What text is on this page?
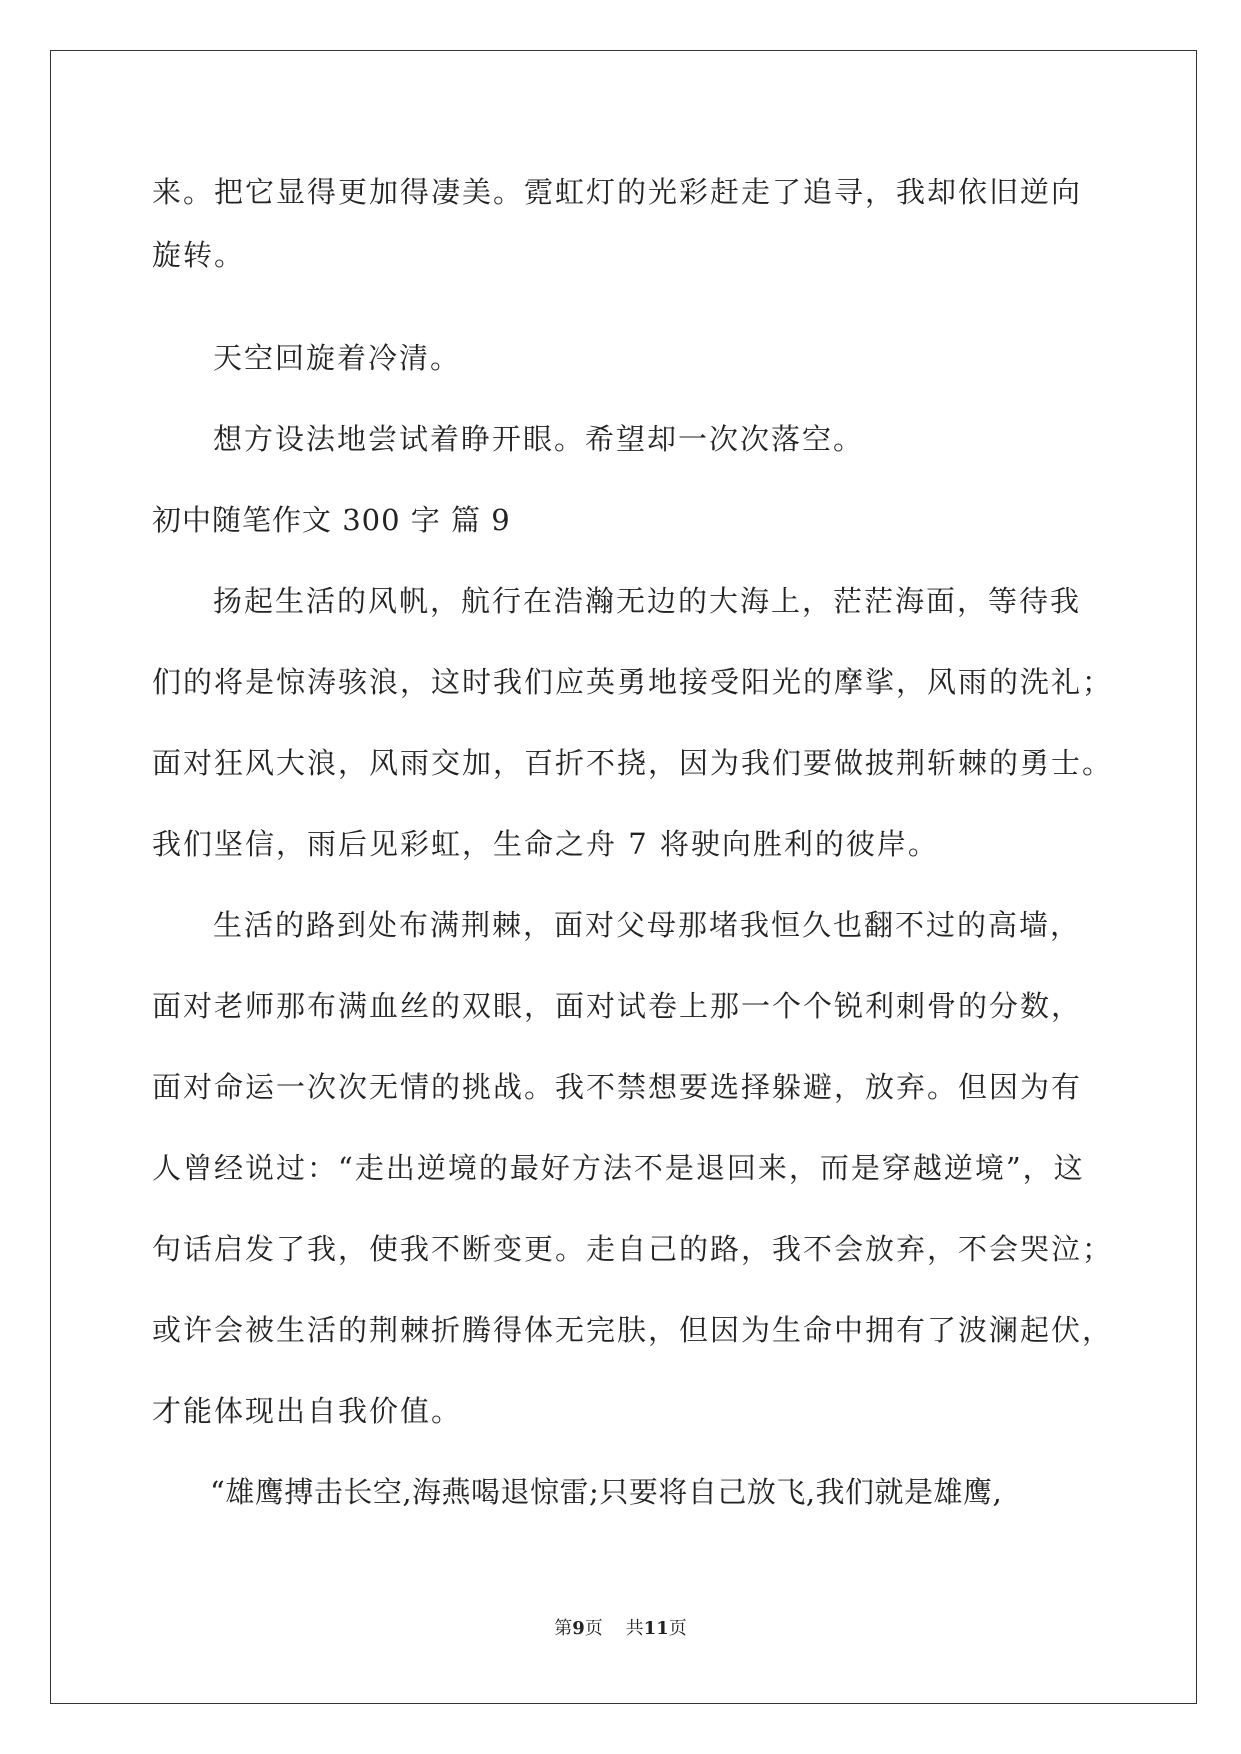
来。把它显得更加得凄美。霓虹灯的光彩赶走了追寻，我却依旧逆向
旋转。
天空回旋着冷清。
想方设法地尝试着睁开眼。希望却一次次落空。
初中随笔作文 300 字 篇 9
扬起生活的风帆，航行在浩瀚无边的大海上，茫茫海面，等待我
们的将是惊涛骇浪，这时我们应英勇地接受阳光的摩挲，风雨的洗礼；
面对狂风大浪，风雨交加，百折不挠，因为我们要做披荆斩棘的勇士。
我们坚信，雨后见彩虹，生命之舟 7 将驶向胜利的彼岸。
生活的路到处布满荆棘，面对父母那堵我恒久也翻不过的高墙，
面对老师那布满血丝的双眼，面对试卷上那一个个锐利刺骨的分数，
面对命运一次次无情的挑战。我不禁想要选择躲避，放弃。但因为有
人曾经说过：“走出逆境的最好方法不是退回来，而是穿越逆境”，这
句话启发了我，使我不断变更。走自己的路，我不会放弃，不会哭泣；
或许会被生活的荆棘折腾得体无完肤，但因为生命中拥有了波澜起伏，
才能体现出自我价值。
“雄鹰搏击长空,海燕喝退惊雷;只要将自己放飞,我们就是雄鹰,
第9页    共11页
